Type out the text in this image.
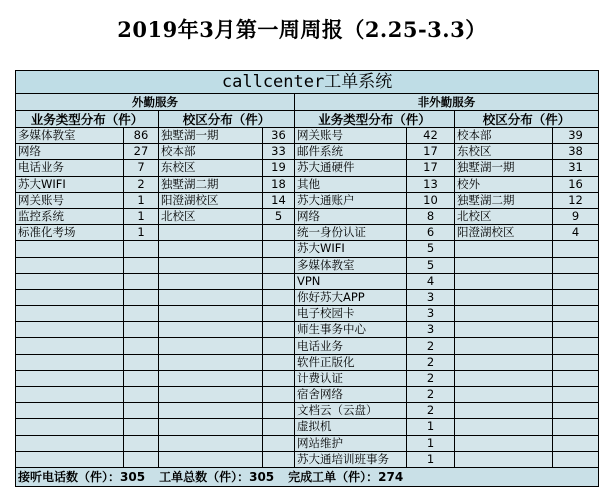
2019年3月第一周周报（2.25-3.3）
callcenter工单系统							
外勤服务				非外勤服务			
业务类型分布（件）		校区分布（件）		业务类型分布（件）		校区分布（件）	
多媒体教室	86	独墅湖一期	36	网关账号	42	校本部	39
网络	27	校本部	33	邮件系统	17	东校区	38
电话业务	7	东校区	19	苏大通硬件	17	独墅湖一期	31
苏大WIFI	2	独墅湖二期	18	其他	13	校外	16
网关账号	1	阳澄湖校区	14	苏大通账户	10	独墅湖二期	12
监控系统	1	北校区	5	网络	8	北校区	9
标准化考场	1			统一身份认证	6	阳澄湖校区	4
				苏大WIFI	5		
				多媒体教室	5		
				VPN	4		
				你好苏大APP	3		
				电子校园卡	3		
				师生事务中心	3		
				电话业务	2		
				软件正版化	2		
				计费认证	2		
				宿舍网络	2		
				文档云（云盘）	2		
				虚拟机	1		
				网站维护	1		
				苏大通培训班事务	1		
接听电话数（件）：305 工单总数（件）：305 完成工单（件）：274							
